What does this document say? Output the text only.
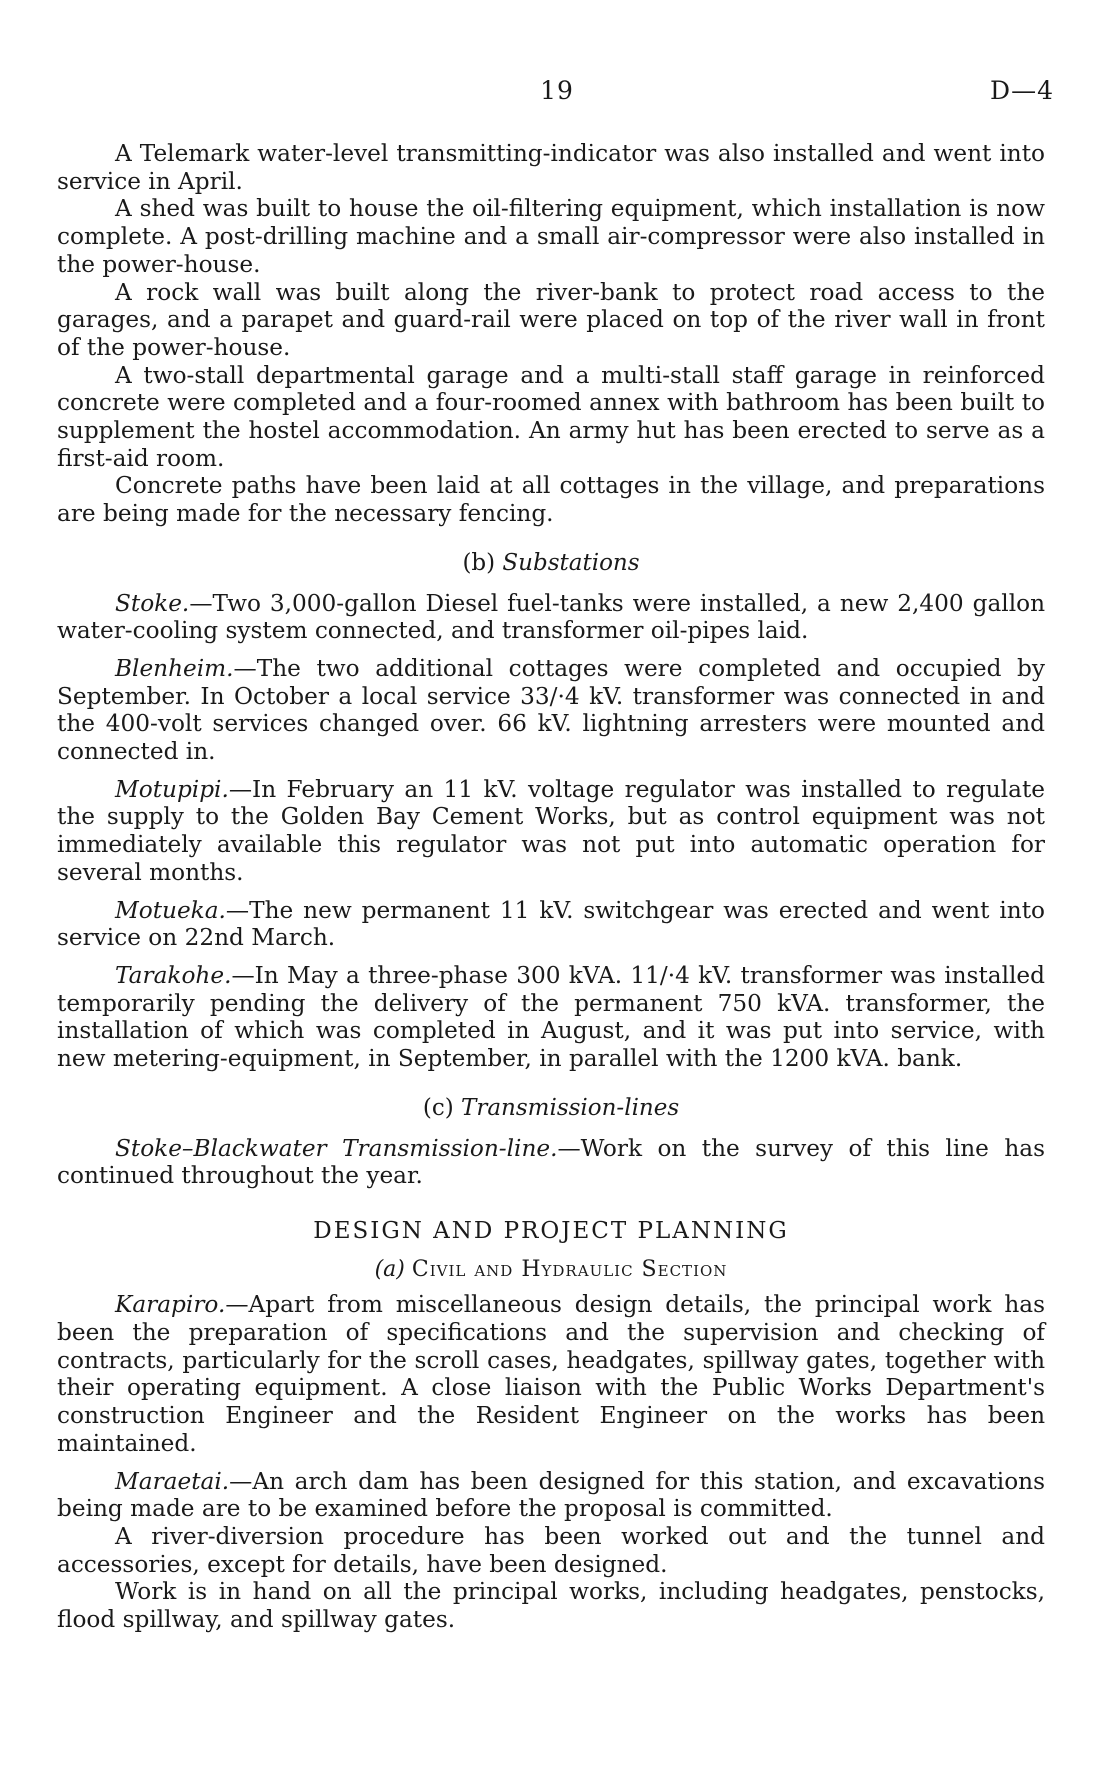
19	D—4

A Telemark water-level transmitting-indicator was also installed and went into service in April.

A shed was built to house the oil-filtering equipment, which installation is now complete. A post-drilling machine and a small air-compressor were also installed in the power-house.

A rock wall was built along the river-bank to protect road access to the garages, and a parapet and guard-rail were placed on top of the river wall in front of the power-house.

A two-stall departmental garage and a multi-stall staff garage in reinforced concrete were completed and a four-roomed annex with bathroom has been built to supplement the hostel accommodation. An army hut has been erected to serve as a first-aid room.

Concrete paths have been laid at all cottages in the village, and preparations are being made for the necessary fencing.

(b) Substations

Stoke.—Two 3,000-gallon Diesel fuel-tanks were installed, a new 2,400 gallon water-cooling system connected, and transformer oil-pipes laid.

Blenheim.—The two additional cottages were completed and occupied by September. In October a local service 33/·4 kV. transformer was connected in and the 400-volt services changed over. 66 kV. lightning arresters were mounted and connected in.

Motupipi.—In February an 11 kV. voltage regulator was installed to regulate the supply to the Golden Bay Cement Works, but as control equipment was not immediately available this regulator was not put into automatic operation for several months.

Motueka.—The new permanent 11 kV. switchgear was erected and went into service on 22nd March.

Tarakohe.—In May a three-phase 300 kVA. 11/·4 kV. transformer was installed temporarily pending the delivery of the permanent 750 kVA. transformer, the installation of which was completed in August, and it was put into service, with new metering-equipment, in September, in parallel with the 1200 kVA. bank.

(c) Transmission-lines

Stoke–Blackwater Transmission-line.—Work on the survey of this line has continued throughout the year.

DESIGN AND PROJECT PLANNING
(a) Civil and Hydraulic Section

Karapiro.—Apart from miscellaneous design details, the principal work has been the preparation of specifications and the supervision and checking of contracts, particularly for the scroll cases, headgates, spillway gates, together with their operating equipment. A close liaison with the Public Works Department's construction Engineer and the Resident Engineer on the works has been maintained.

Maraetai.—An arch dam has been designed for this station, and excavations being made are to be examined before the proposal is committed.

A river-diversion procedure has been worked out and the tunnel and accessories, except for details, have been designed.

Work is in hand on all the principal works, including headgates, penstocks, flood spillway, and spillway gates.
